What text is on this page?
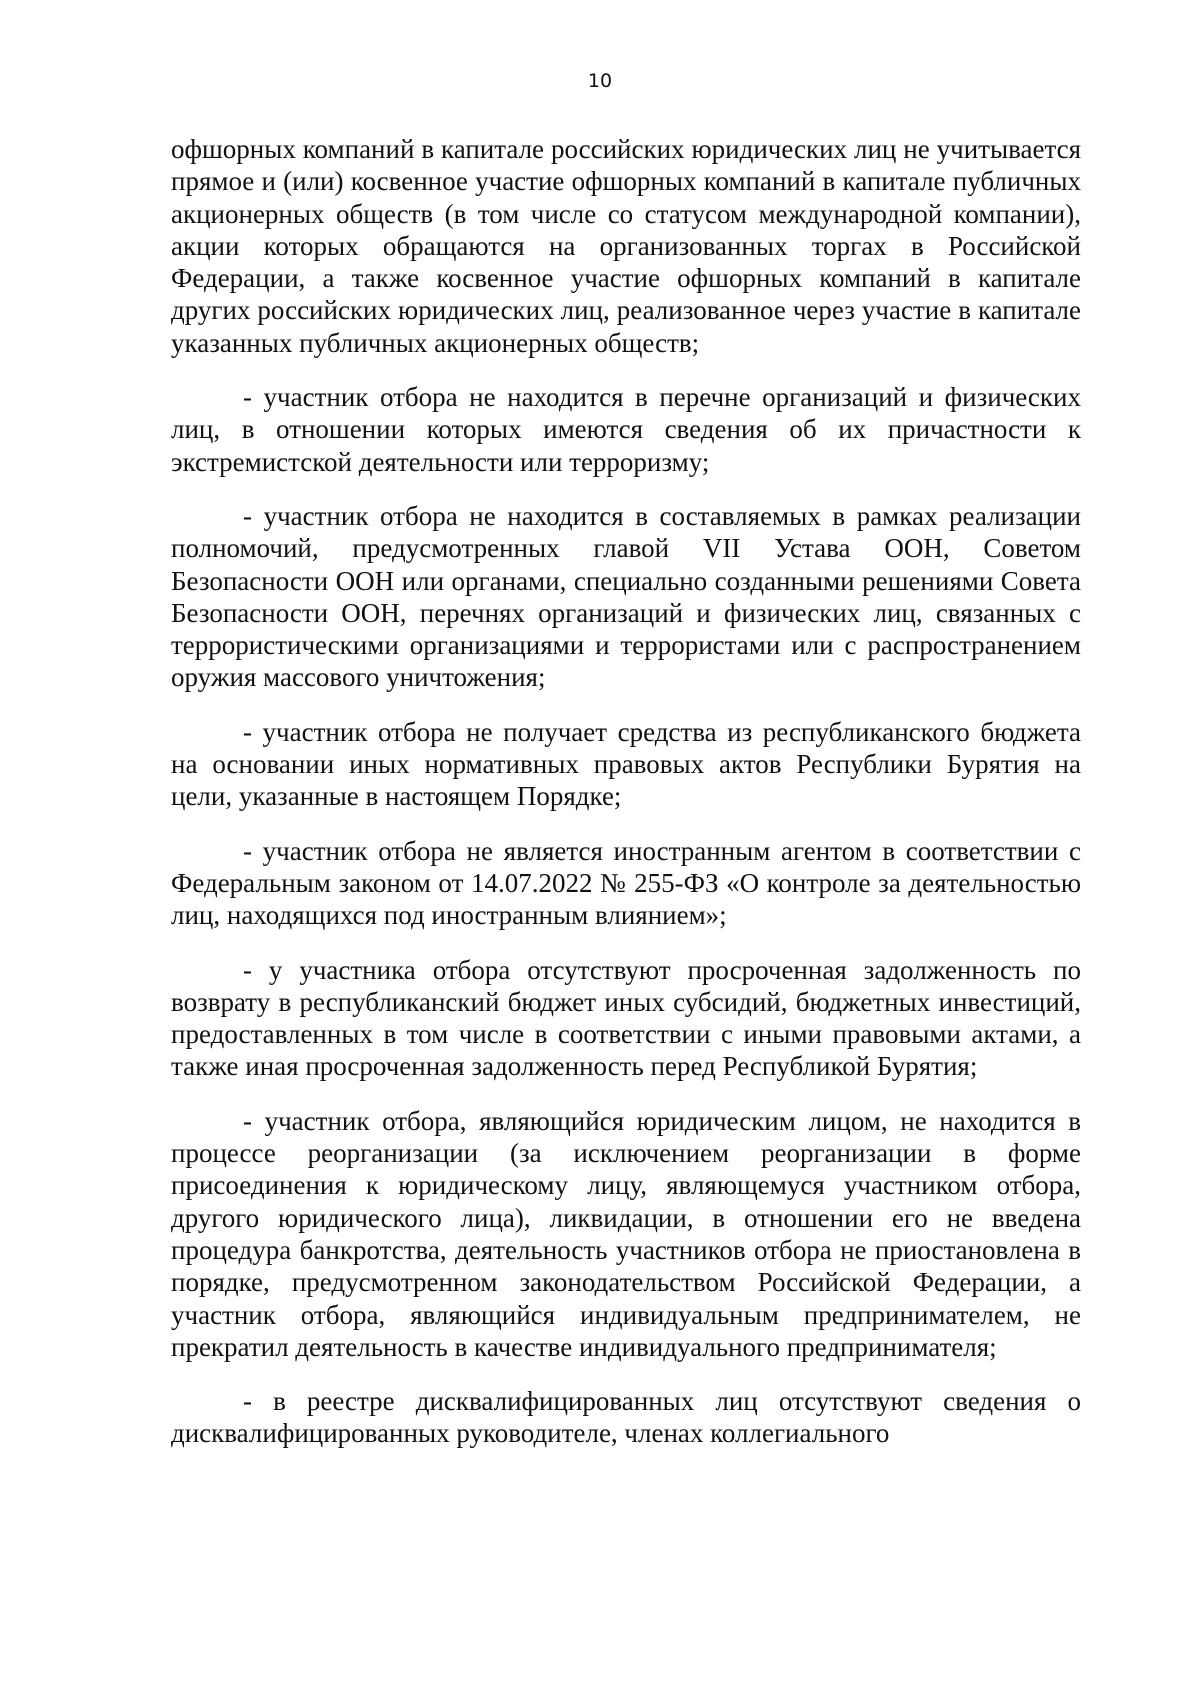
10

офшорных компаний в капитале российских юридических лиц не учитывается прямое и (или) косвенное участие офшорных компаний в капитале публичных акционерных обществ (в том числе со статусом международной компании), акции которых обращаются на организованных торгах в Российской Федерации, а также косвенное участие офшорных компаний в капитале других российских юридических лиц, реализованное через участие в капитале указанных публичных акционерных обществ;

- участник отбора не находится в перечне организаций и физических лиц, в отношении которых имеются сведения об их причастности к экстремистской деятельности или терроризму;

- участник отбора не находится в составляемых в рамках реализации полномочий, предусмотренных главой VII Устава ООН, Советом Безопасности ООН или органами, специально созданными решениями Совета Безопасности ООН, перечнях организаций и физических лиц, связанных с террористическими организациями и террористами или с распространением оружия массового уничтожения;

- участник отбора не получает средства из республиканского бюджета на основании иных нормативных правовых актов Республики Бурятия на цели, указанные в настоящем Порядке;

- участник отбора не является иностранным агентом в соответствии с Федеральным законом от 14.07.2022 № 255-ФЗ «О контроле за деятельностью лиц, находящихся под иностранным влиянием»;

- у участника отбора отсутствуют просроченная задолженность по возврату в республиканский бюджет иных субсидий, бюджетных инвестиций, предоставленных в том числе в соответствии с иными правовыми актами, а также иная просроченная задолженность перед Республикой Бурятия;

- участник отбора, являющийся юридическим лицом, не находится в процессе реорганизации (за исключением реорганизации в форме присоединения к юридическому лицу, являющемуся участником отбора, другого юридического лица), ликвидации, в отношении его не введена процедура банкротства, деятельность участников отбора не приостановлена в порядке, предусмотренном законодательством Российской Федерации, а участник отбора, являющийся индивидуальным предпринимателем, не прекратил деятельность в качестве индивидуального предпринимателя;

- в реестре дисквалифицированных лиц отсутствуют сведения о дисквалифицированных руководителе, членах коллегиального
